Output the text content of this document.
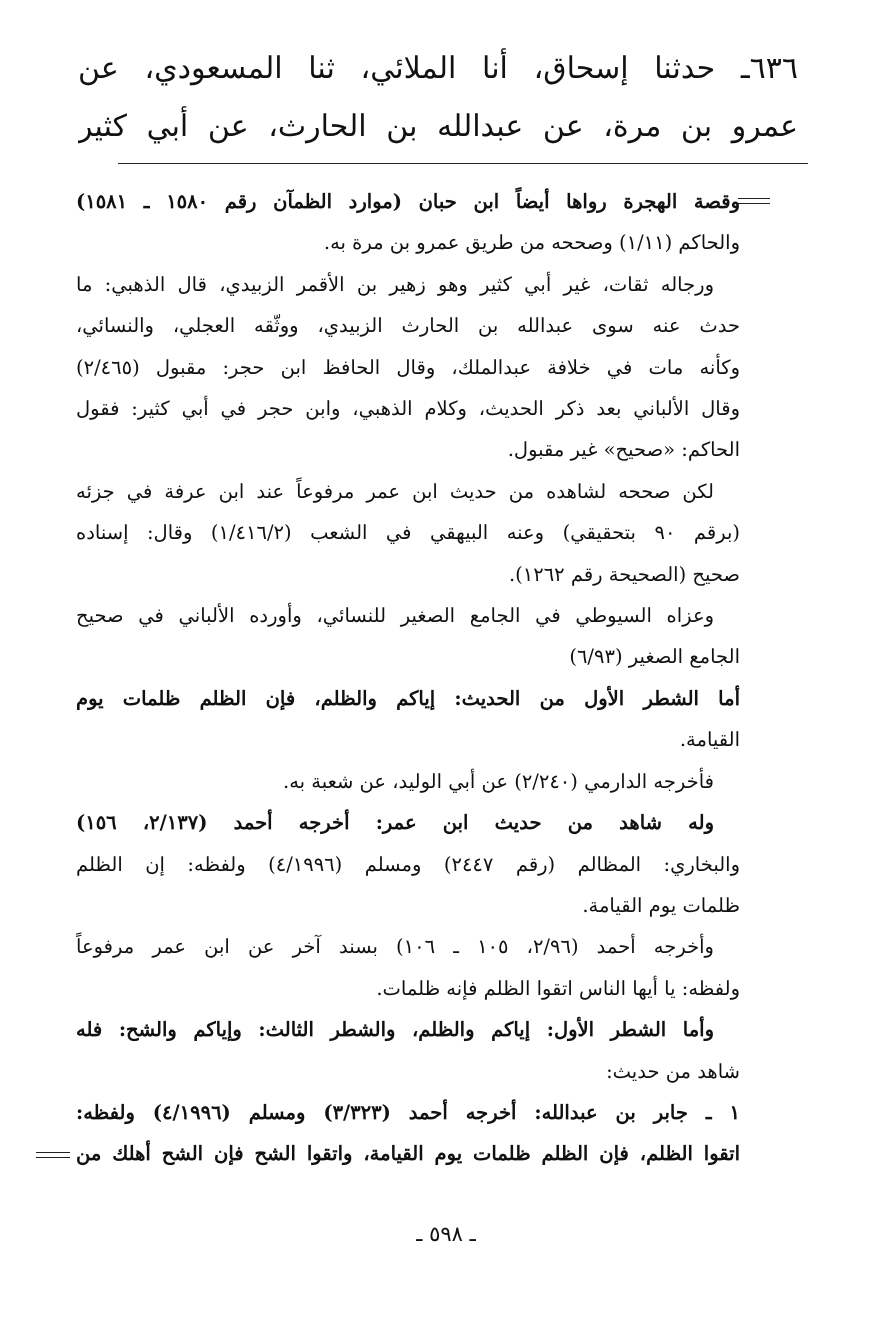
٦٣٦ـ حدثنا إسحاق، أنا الملائي، ثنا المسعودي، عن
عمرو بن مرة، عن عبدالله بن الحارث، عن أبي كثير
وقصة الهجرة رواها أيضاً ابن حبان (موارد الظمآن رقم ١٥٨٠ ـ ١٥٨١)
والحاكم (١/١١) وصححه من طريق عمرو بن مرة به.
ورجاله ثقات، غير أبي كثير وهو زهير بن الأقمر الزبيدي، قال الذهبي: ما
حدث عنه سوى عبدالله بن الحارث الزبيدي، ووثّقه العجلي، والنسائي،
وكأنه مات في خلافة عبدالملك، وقال الحافظ ابن حجر: مقبول (٢/٤٦٥)
وقال الألباني بعد ذكر الحديث، وكلام الذهبي، وابن حجر في أبي كثير: فقول
الحاكم: «صحيح» غير مقبول.
لكن صححه لشاهده من حديث ابن عمر مرفوعاً عند ابن عرفة في جزئه
(برقم ٩٠ بتحقيقي) وعنه البيهقي في الشعب (١/٤١٦/٢) وقال: إسناده
صحيح (الصحيحة رقم ١٢٦٢).
وعزاه السيوطي في الجامع الصغير للنسائي، وأورده الألباني في صحيح
الجامع الصغير (٦/٩٣)
أما الشطر الأول من الحديث: إياكم والظلم، فإن الظلم ظلمات يوم
القيامة.
فأخرجه الدارمي (٢/٢٤٠) عن أبي الوليد، عن شعبة به.
وله شاهد من حديث ابن عمر: أخرجه أحمد (٢/١٣٧، ١٥٦)
والبخاري: المظالم (رقم ٢٤٤٧) ومسلم (٤/١٩٩٦) ولفظه: إن الظلم
ظلمات يوم القيامة.
وأخرجه أحمد (٢/٩٦، ١٠٥ ـ ١٠٦) بسند آخر عن ابن عمر مرفوعاً
ولفظه: يا أيها الناس اتقوا الظلم فإنه ظلمات.
وأما الشطر الأول: إياكم والظلم، والشطر الثالث: وإياكم والشح: فله
شاهد من حديث:
١ ـ جابر بن عبدالله: أخرجه أحمد (٣/٣٢٣) ومسلم (٤/١٩٩٦) ولفظه:
اتقوا الظلم، فإن الظلم ظلمات يوم القيامة، واتقوا الشح فإن الشح أهلك من
ـ ٥٩٨ ـ
